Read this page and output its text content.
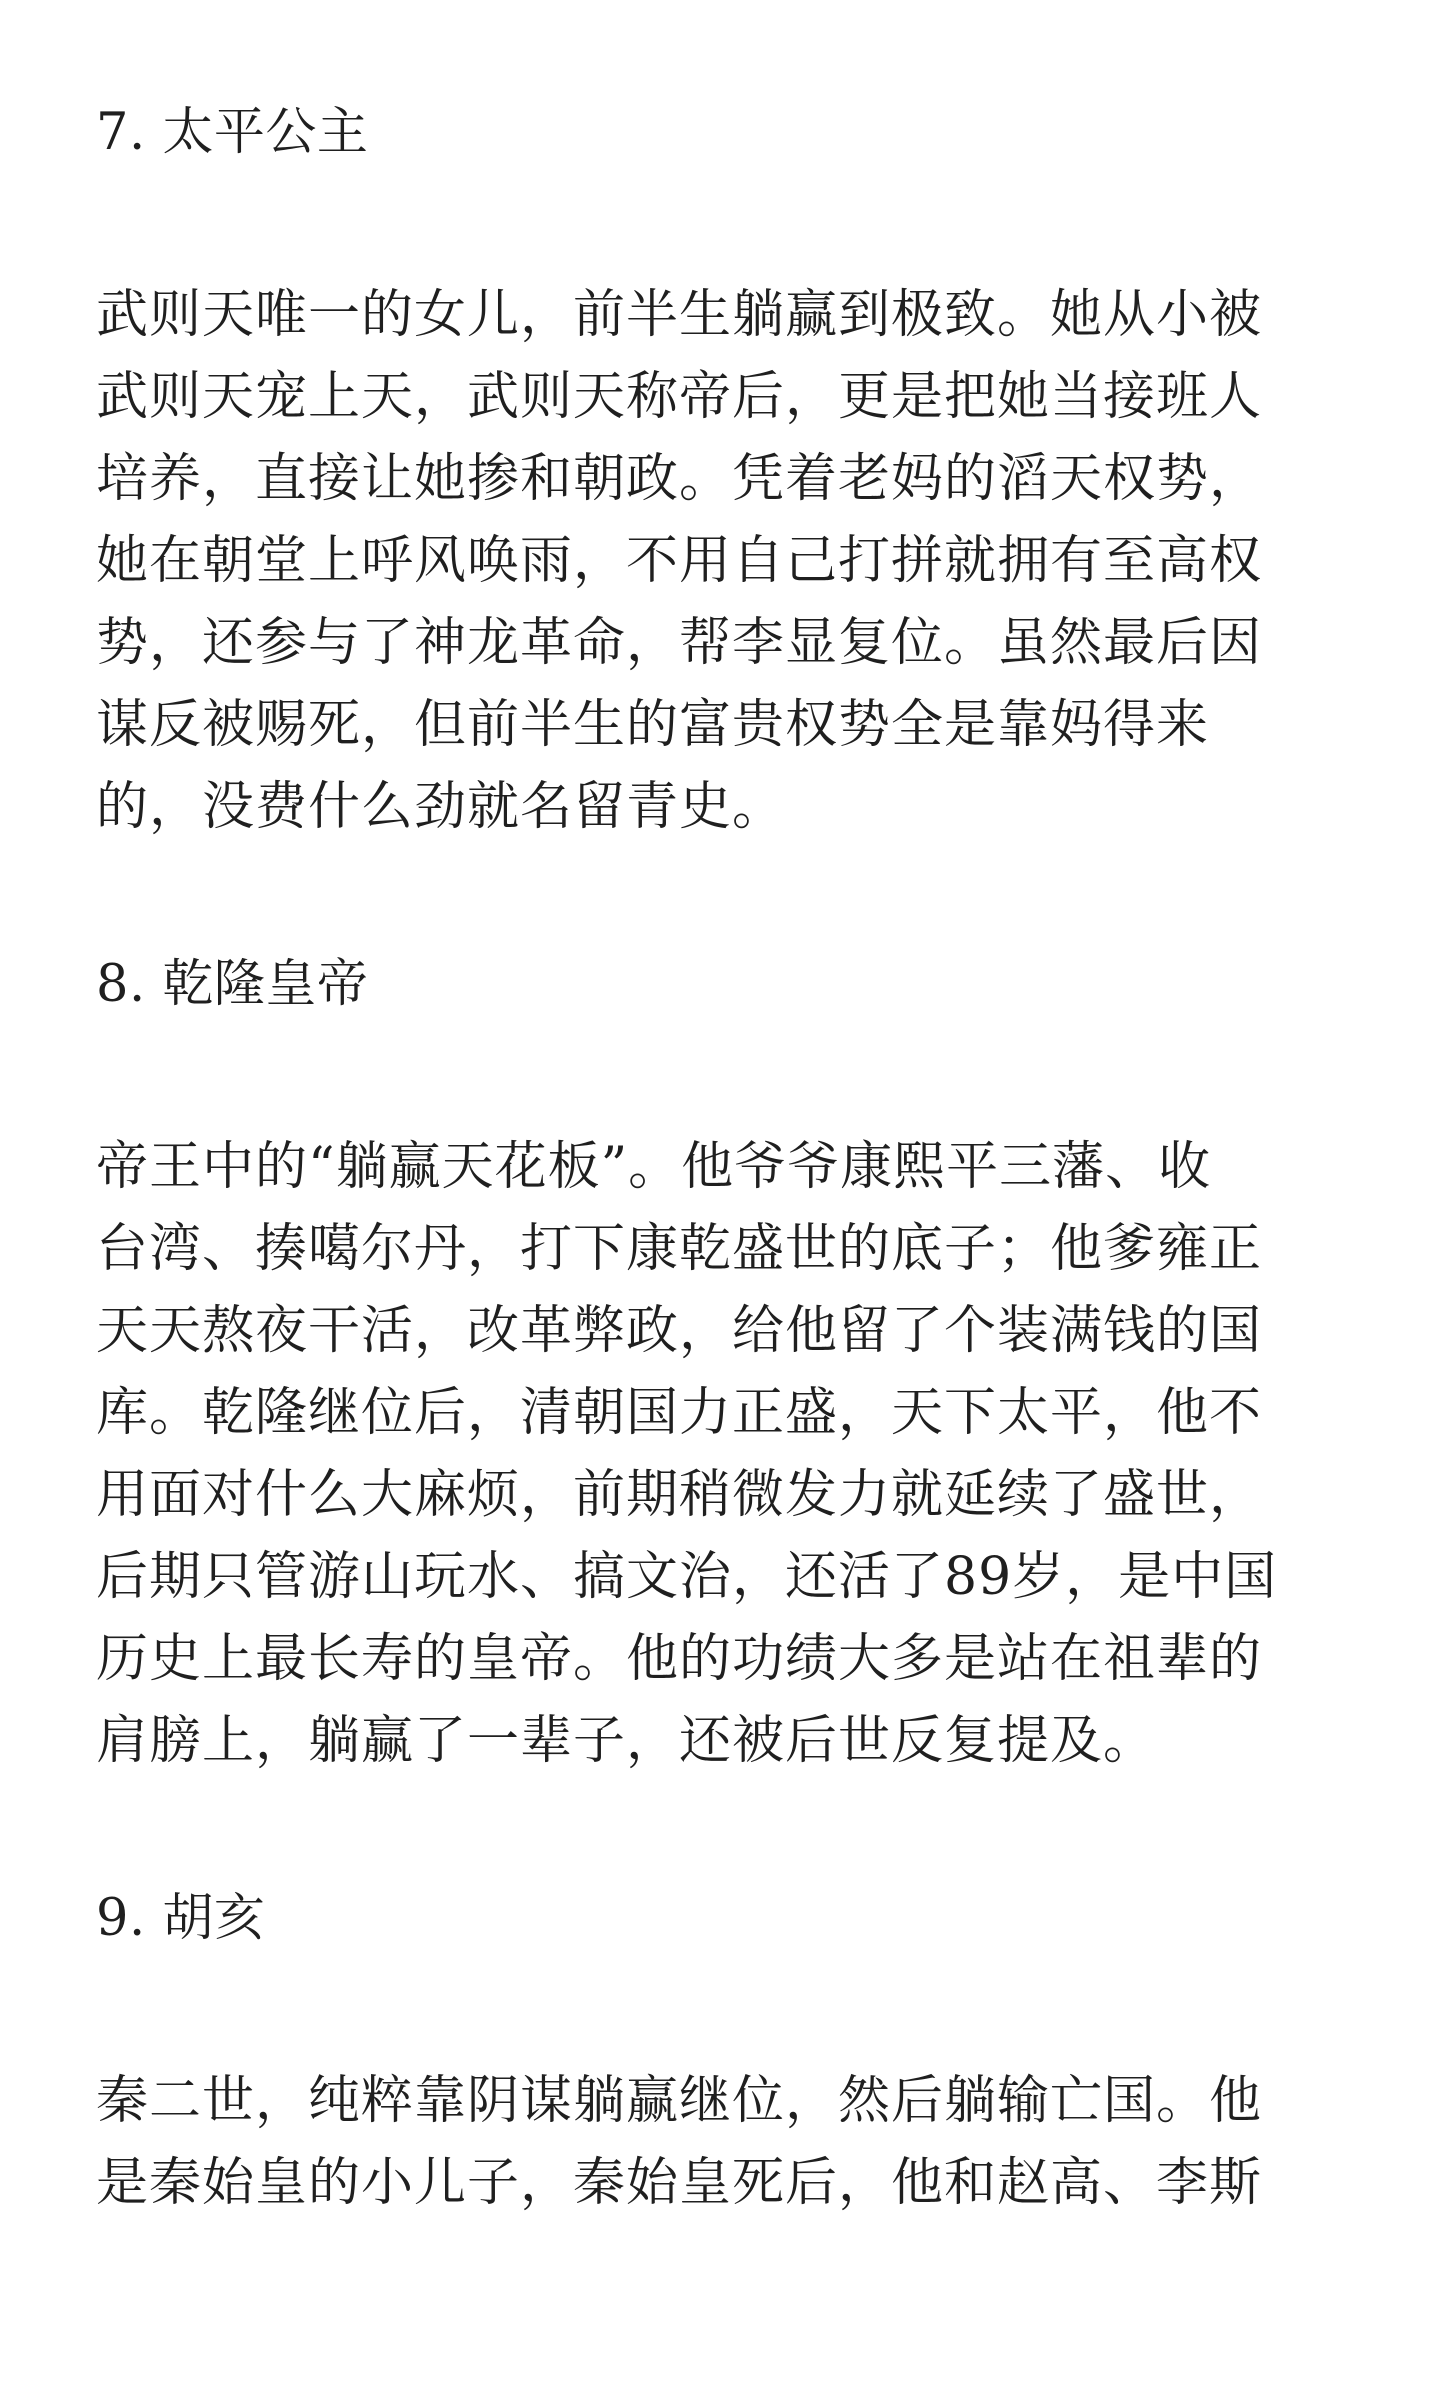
7. 太平公主
武则天唯一的女儿，前半生躺赢到极致。她从小被
武则天宠上天，武则天称帝后，更是把她当接班人
培养，直接让她掺和朝政。凭着老妈的滔天权势，
她在朝堂上呼风唤雨，不用自己打拼就拥有至高权
势，还参与了神龙革命，帮李显复位。虽然最后因
谋反被赐死，但前半生的富贵权势全是靠妈得来
的，没费什么劲就名留青史。
8. 乾隆皇帝
帝王中的“躺赢天花板”。他爷爷康熙平三藩、收
台湾、揍噶尔丹，打下康乾盛世的底子；他爹雍正
天天熬夜干活，改革弊政，给他留了个装满钱的国
库。乾隆继位后，清朝国力正盛，天下太平，他不
用面对什么大麻烦，前期稍微发力就延续了盛世，
后期只管游山玩水、搞文治，还活了89岁，是中国
历史上最长寿的皇帝。他的功绩大多是站在祖辈的
肩膀上，躺赢了一辈子，还被后世反复提及。
9. 胡亥
秦二世，纯粹靠阴谋躺赢继位，然后躺输亡国。他
是秦始皇的小儿子，秦始皇死后，他和赵高、李斯
